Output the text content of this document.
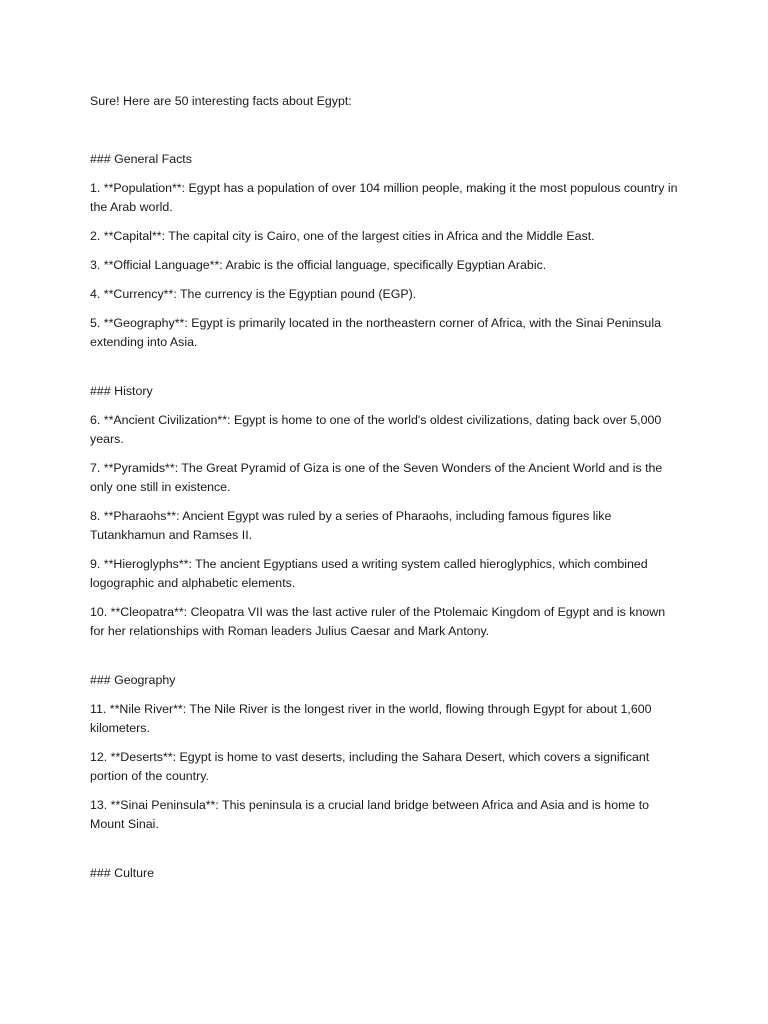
Sure! Here are 50 interesting facts about Egypt:

### General Facts

1. **Population**: Egypt has a population of over 104 million people, making it the most populous country in the Arab world.

2. **Capital**: The capital city is Cairo, one of the largest cities in Africa and the Middle East.

3. **Official Language**: Arabic is the official language, specifically Egyptian Arabic.

4. **Currency**: The currency is the Egyptian pound (EGP).

5. **Geography**: Egypt is primarily located in the northeastern corner of Africa, with the Sinai Peninsula extending into Asia.

### History

6. **Ancient Civilization**: Egypt is home to one of the world's oldest civilizations, dating back over 5,000 years.

7. **Pyramids**: The Great Pyramid of Giza is one of the Seven Wonders of the Ancient World and is the only one still in existence.

8. **Pharaohs**: Ancient Egypt was ruled by a series of Pharaohs, including famous figures like Tutankhamun and Ramses II.

9. **Hieroglyphs**: The ancient Egyptians used a writing system called hieroglyphics, which combined logographic and alphabetic elements.

10. **Cleopatra**: Cleopatra VII was the last active ruler of the Ptolemaic Kingdom of Egypt and is known for her relationships with Roman leaders Julius Caesar and Mark Antony.

### Geography

11. **Nile River**: The Nile River is the longest river in the world, flowing through Egypt for about 1,600 kilometers.

12. **Deserts**: Egypt is home to vast deserts, including the Sahara Desert, which covers a significant portion of the country.

13. **Sinai Peninsula**: This peninsula is a crucial land bridge between Africa and Asia and is home to Mount Sinai.

### Culture
